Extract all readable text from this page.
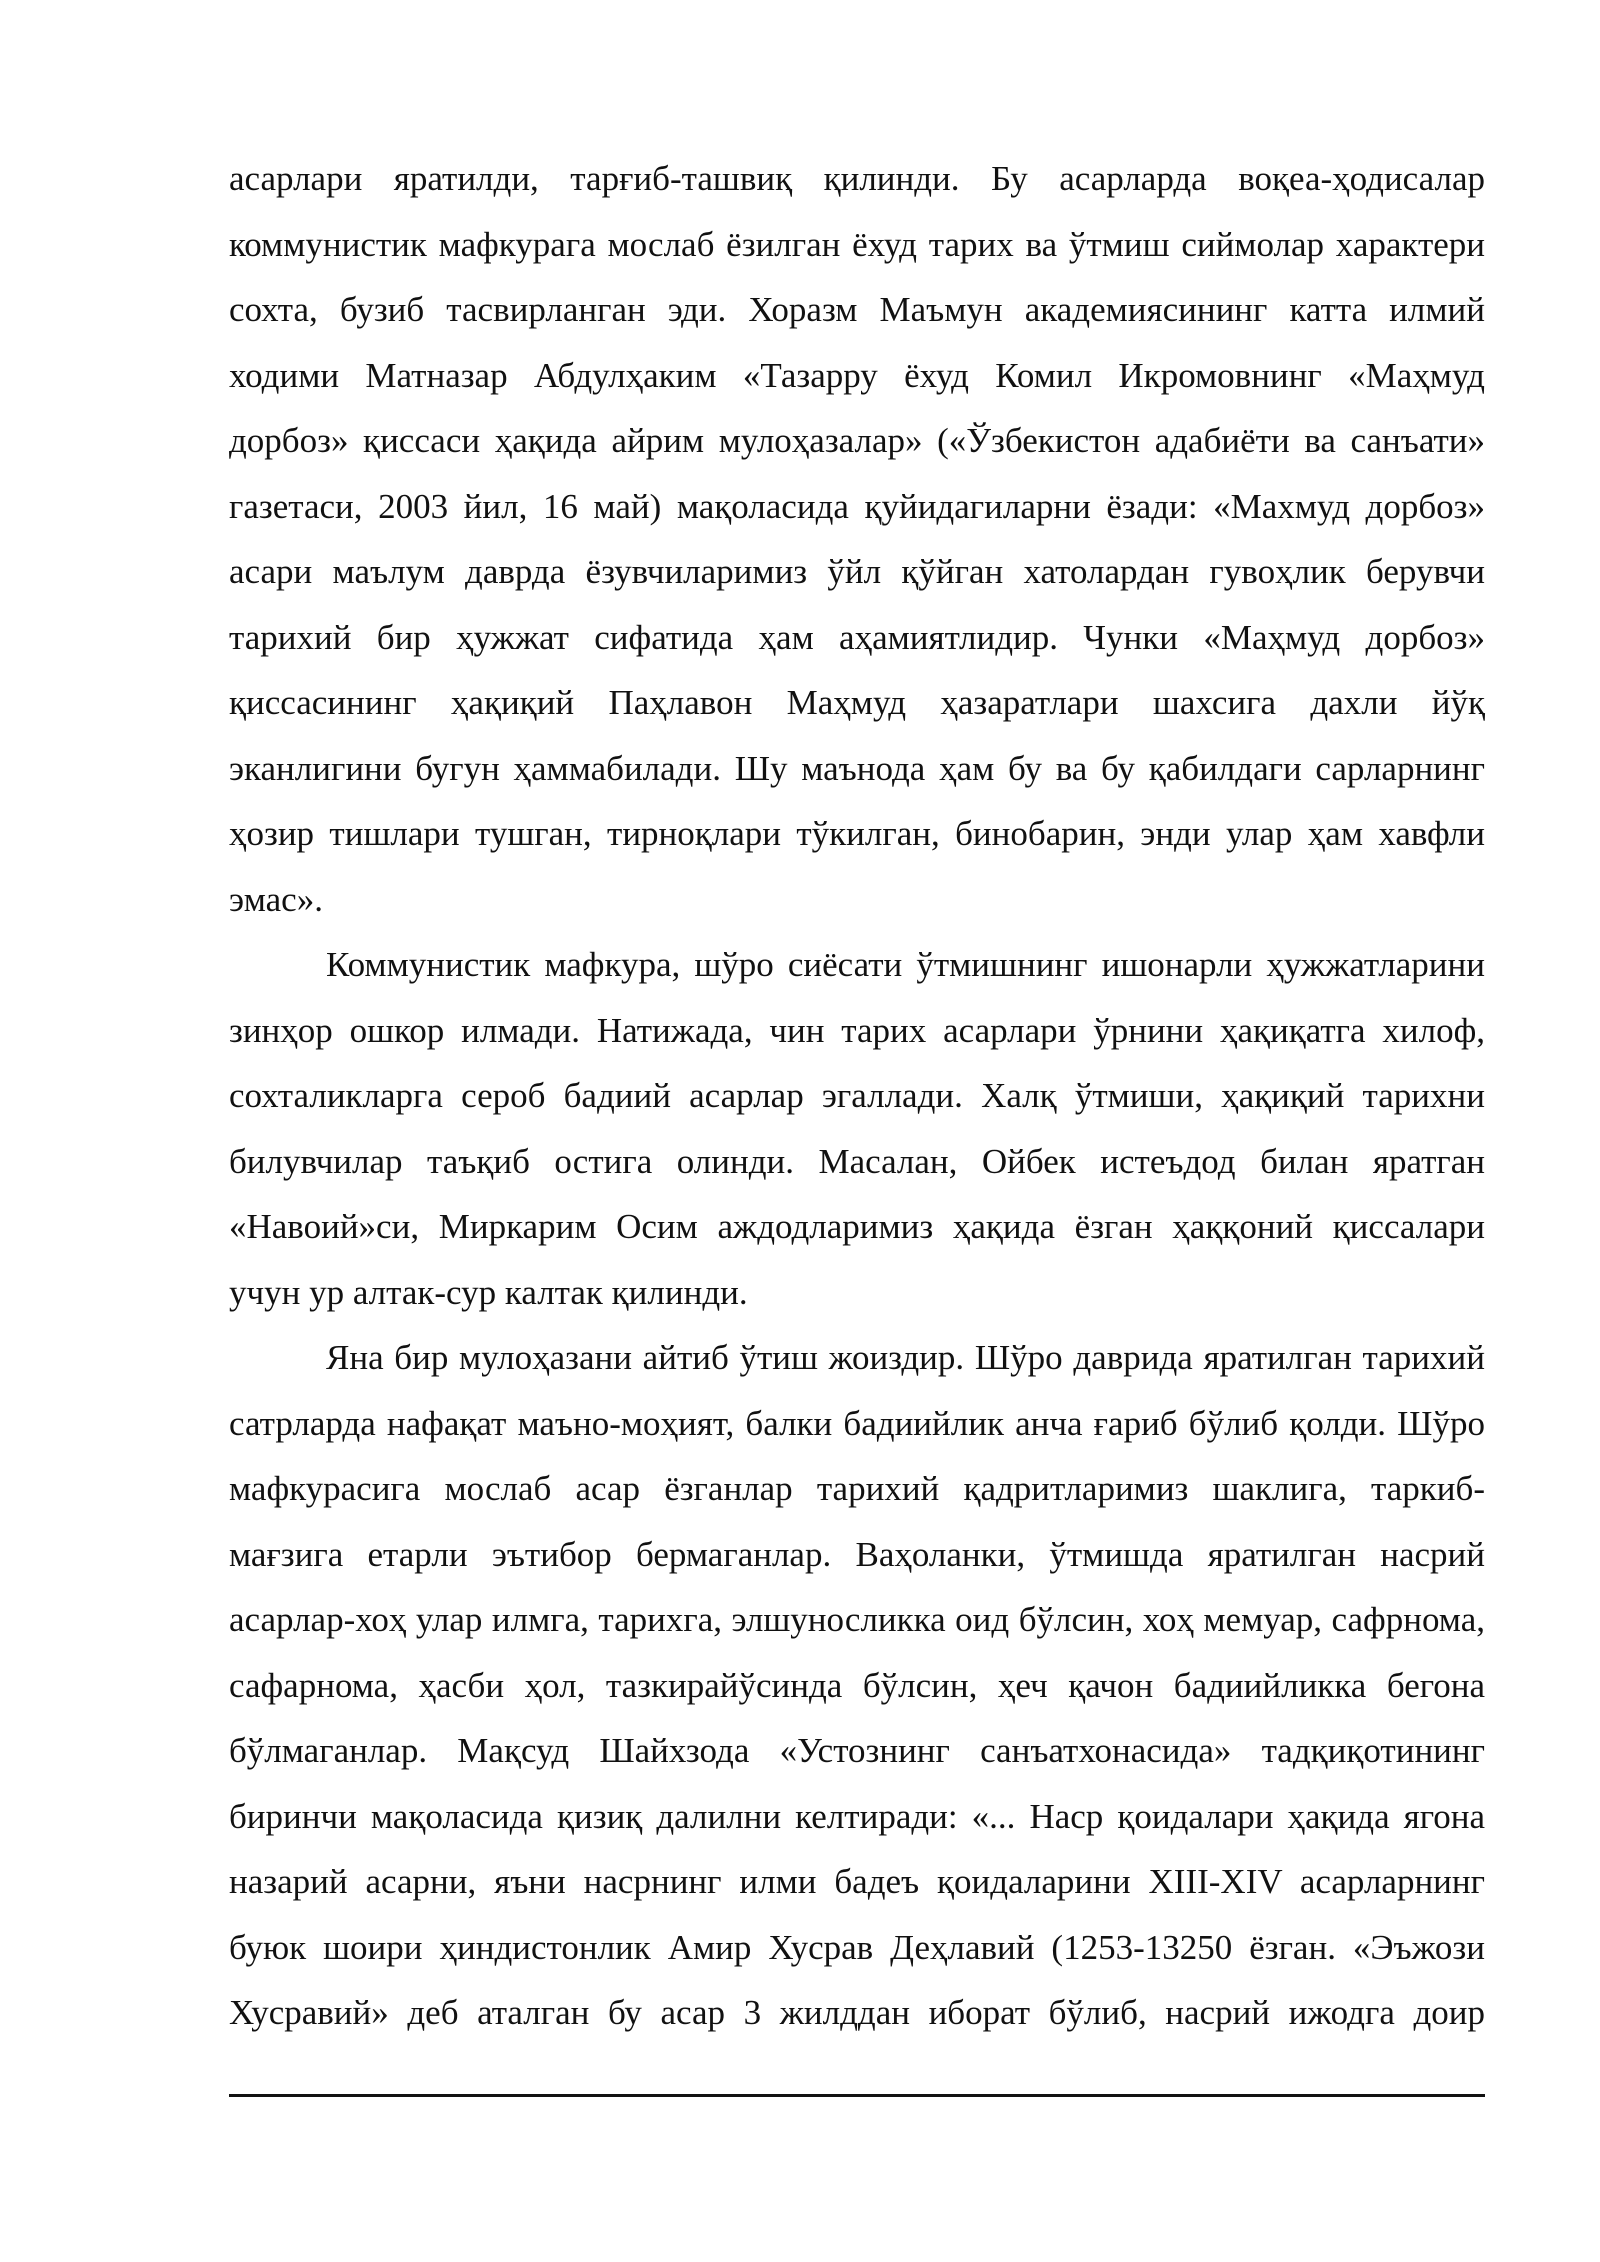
асарлари яратилди, тарғиб-ташвиқ қилинди. Бу асарларда воқеа-ҳодисалар коммунистик мафкурага мослаб ёзилган ёхуд тарих ва ўтмиш сиймолар характери сохта, бузиб тасвирланган эди. Хоразм Маъмун академиясининг катта илмий ходими Матназар Абдулҳаким «Тазарру ёхуд Комил Икромовнинг «Маҳмуд дорбоз» қиссаси ҳақида айрим мулоҳазалар» («Ўзбекистон адабиёти ва санъати» газетаси, 2003 йил, 16 май) мақоласида қуйидагиларни ёзади: «Махмуд дорбоз» асари маълум даврда ёзувчиларимиз ўйл қўйган хатолардан гувоҳлик берувчи тарихий бир ҳужжат сифатида ҳам аҳамиятлидир. Чунки «Маҳмуд дорбоз» қиссасининг ҳақиқий Паҳлавон Маҳмуд ҳазаратлари шахсига дахли йўқ эканлигини бугун ҳаммабилади. Шу маънода ҳам бу ва бу қабилдаги сарларнинг ҳозир тишлари тушган, тирноқлари тўкилган, бинобарин, энди улар ҳам хавфли эмас».

Коммунистик мафкура, шўро сиёсати ўтмишнинг ишонарли ҳужжатларини зинҳор ошкор илмади. Натижада, чин тарих асарлари ўрнини ҳақиқатга хилоф, сохталикларга сероб бадиий асарлар эгаллади. Халқ ўтмиши, ҳақиқий тарихни билувчилар таъқиб остига олинди. Масалан, Ойбек истеъдод билан яратган «Навоий»си, Миркарим Осим аждодларимиз ҳақида ёзган ҳаққоний қиссалари учун ур алтак-сур калтак қилинди.

Яна бир мулоҳазани айтиб ўтиш жоиздир. Шўро даврида яратилган тарихий сатрларда нафақат маъно-моҳият, балки бадиийлик анча ғариб бўлиб қолди. Шўро мафкурасига мослаб асар ёзганлар тарихий қадритларимиз шаклига, таркиб-мағзига етарли эътибор бермаганлар. Ваҳоланки, ўтмишда яратилган насрий асарлар-хоҳ улар илмга, тарихга, элшуносликка оид бўлсин, хоҳ мемуар, сафрнома, сафарнома, ҳасби ҳол, тазкирайўсинда бўлсин, ҳеч қачон бадиийликка бегона бўлмаганлар. Мақсуд Шайхзода «Устознинг санъатхонасида» тадқиқотининг биринчи мақоласида қизиқ далилни келтиради: «... Наср қоидалари ҳақида ягона назарий асарни, яъни насрнинг илми бадеъ қоидаларини XIII-XIV асарларнинг буюк шоири ҳиндистонлик Амир Хусрав Деҳлавий (1253-13250 ёзган. «Эъжози Хусравий» деб аталган бу асар 3 жилддан иборат бўлиб, насрий ижодга доир
